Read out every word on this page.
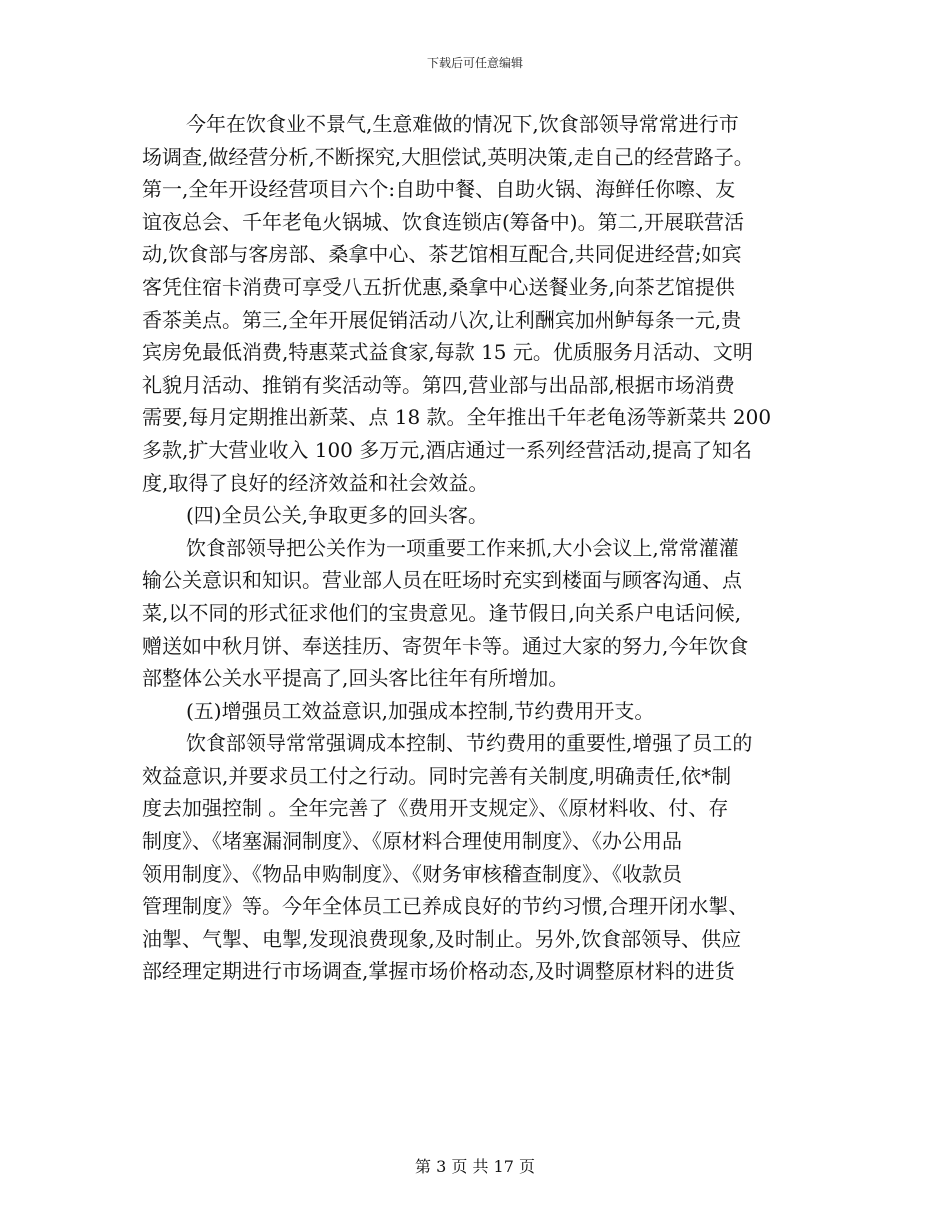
下载后可任意编辑
今年在饮食业不景气,生意难做的情况下,饮食部领导常常进行市
场调查,做经营分析,不断探究,大胆偿试,英明决策,走自己的经营路子。
第一,全年开设经营项目六个:自助中餐、自助火锅、海鲜任你嚓、友
谊夜总会、千年老龟火锅城、饮食连锁店(筹备中)。第二,开展联营活
动,饮食部与客房部、桑拿中心、茶艺馆相互配合,共同促进经营;如宾
客凭住宿卡消费可享受八五折优惠,桑拿中心送餐业务,向茶艺馆提供
香茶美点。第三,全年开展促销活动八次,让利酬宾加州鲈每条一元,贵
宾房免最低消费,特惠菜式益食家,每款 15 元。优质服务月活动、文明
礼貌月活动、推销有奖活动等。第四,营业部与出品部,根据市场消费
需要,每月定期推出新菜、点 18 款。全年推出千年老龟汤等新菜共 200
多款,扩大营业收入 100 多万元,酒店通过一系列经营活动,提高了知名
度,取得了良好的经济效益和社会效益。
(四)全员公关,争取更多的回头客。
饮食部领导把公关作为一项重要工作来抓,大小会议上,常常灌灌
输公关意识和知识。营业部人员在旺场时充实到楼面与顾客沟通、点
菜,以不同的形式征求他们的宝贵意见。逢节假日,向关系户电话问候,
赠送如中秋月饼、奉送挂历、寄贺年卡等。通过大家的努力,今年饮食
部整体公关水平提高了,回头客比往年有所增加。
(五)增强员工效益意识,加强成本控制,节约费用开支。
饮食部领导常常强调成本控制、节约费用的重要性,增强了员工的
效益意识,并要求员工付之行动。同时完善有关制度,明确责任,依*制
度去加强控制 。全年完善了《费用开支规定》、《原材料收、付、存
制度》、《堵塞漏洞制度》、《原材料合理使用制度》、《办公用品
领用制度》、《物品申购制度》、《财务审核稽查制度》、《收款员
管理制度》等。今年全体员工已养成良好的节约习惯,合理开闭水掣、
油掣、气掣、电掣,发现浪费现象,及时制止。另外,饮食部领导、供应
部经理定期进行市场调查,掌握市场价格动态,及时调整原材料的进货
第 3 页 共 17 页
